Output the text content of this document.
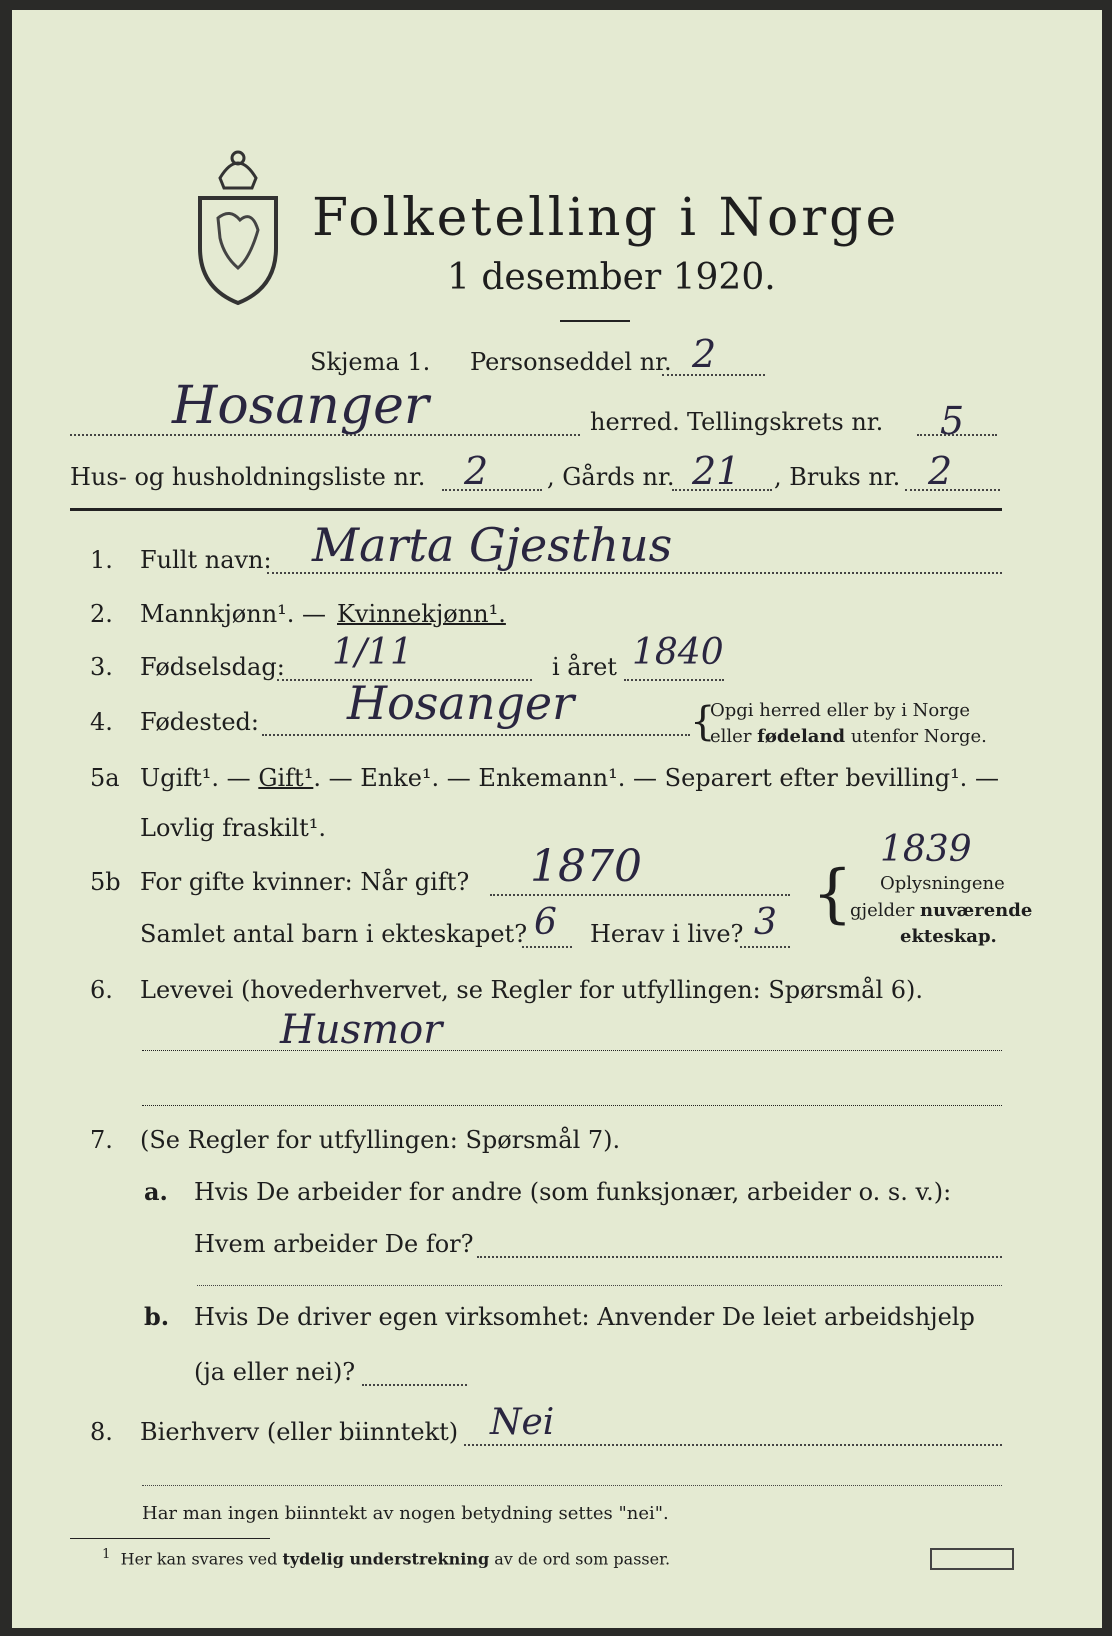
Folketelling i Norge
1 desember 1920.
Skjema 1. Personseddel nr. 2
Hosanger	herred. Tellingskrets nr. 5
Hus- og husholdningsliste nr. 2 , Gårds nr. 21 , Bruks nr. 2
1. Fullt navn: Marta Gjesthus
2. Mannkjønn¹. — Kvinnekjønn¹.
3. Fødselsdag: 1/11	i året 1840
4. Fødested: Hosanger	{
Opgi herred eller by i Norge
eller fødeland utenfor Norge.
5a Ugift¹. — Gift¹. — Enke¹. — Enkemann¹. — Separert efter bevilling¹. —
Lovlig fraskilt¹.
5b For gifte kvinner: Når gift? 1870	1839
{ Oplysningene
gjelder nuværende
ekteskap.
Samlet antal barn i ekteskapet? 6 Herav i live? 3
6. Levevei (hovederhvervet, se Regler for utfyllingen: Spørsmål 6).
Husmor
7. (Se Regler for utfyllingen: Spørsmål 7).
a. Hvis De arbeider for andre (som funksjonær, arbeider o. s. v.):
Hvem arbeider De for?
b. Hvis De driver egen virksomhet: Anvender De leiet arbeidshjelp
(ja eller nei)?
8. Bierhverv (eller biinntekt) Nei
Har man ingen biinntekt av nogen betydning settes "nei".
$^1$ Her kan svares ved tydelig understrekning av de ord som passer.
